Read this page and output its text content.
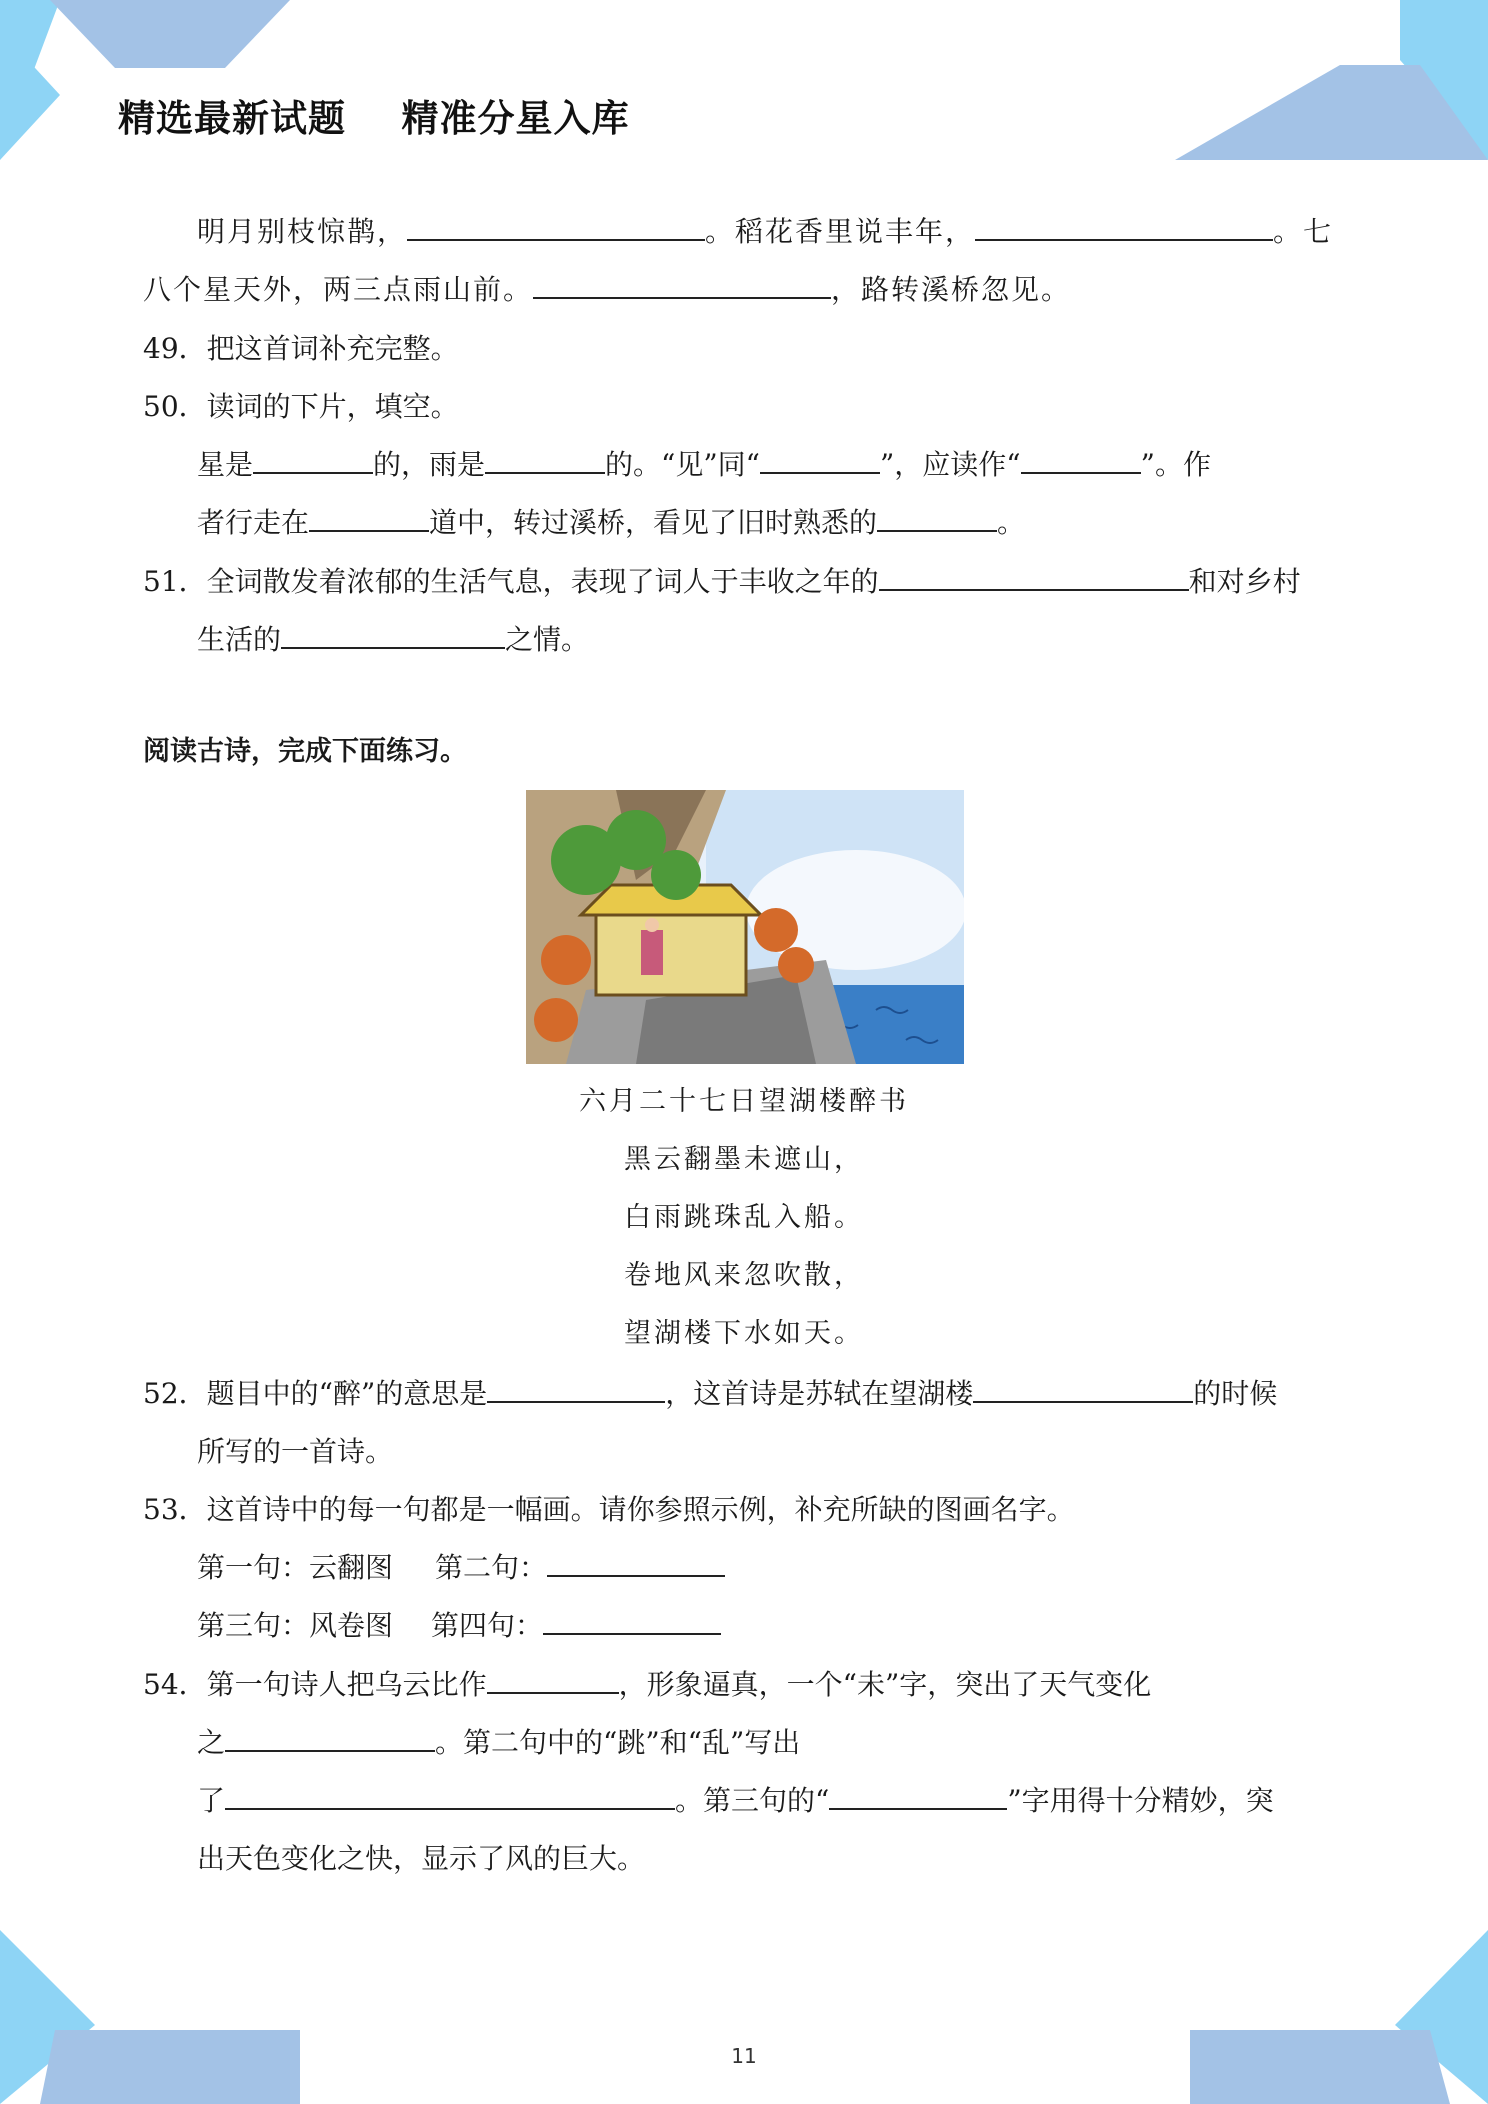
精选最新试题    精准分星入库
明月别枝惊鹊，	。稻花香里说丰年，	。七
八个星天外，两三点雨山前。	，路转溪桥忽见。
49．把这首词补充完整。
50．读词的下片，填空。
星是	的，雨是	的。“见”同“	”，应读作“	”。作
者行走在	道中，转过溪桥，看见了旧时熟悉的	。
51．全词散发着浓郁的生活气息，表现了词人于丰收之年的	和对乡村
生活的	之情。
阅读古诗，完成下面练习。
六月二十七日望湖楼醉书
黑云翻墨未遮山，
白雨跳珠乱入船。
卷地风来忽吹散，
望湖楼下水如天。
52．题目中的“醉”的意思是	，这首诗是苏轼在望湖楼	的时候
所写的一首诗。
53．这首诗中的每一句都是一幅画。请你参照示例，补充所缺的图画名字。
第一句：云翻图 第二句：
第三句：风卷图 第四句：
54．第一句诗人把乌云比作	，形象逼真，一个“未”字，突出了天气变化
之	。第二句中的“跳”和“乱”写出
了	。第三句的“	”字用得十分精妙，突
出天色变化之快，显示了风的巨大。
11
